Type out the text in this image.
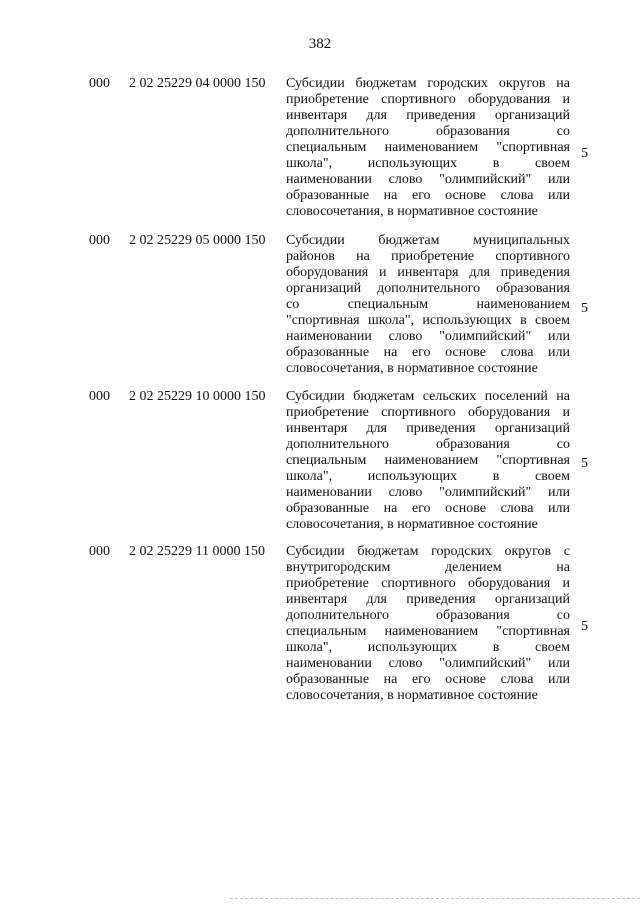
382
000 2 02 25229 04 0000 150 Субсидии бюджетам городских округов на
приобретение спортивного оборудования и
инвентаря для приведения организаций
дополнительного образования со
специальным наименованием "спортивная
школа", использующих в своем
наименовании слово "олимпийский" или
образованные на его основе слова или
словосочетания, в нормативное состояние
5
000 2 02 25229 05 0000 150 Субсидии бюджетам муниципальных
районов на приобретение спортивного
оборудования и инвентаря для приведения
организаций дополнительного образования
со специальным наименованием
"спортивная школа", использующих в своем
наименовании слово "олимпийский" или
образованные на его основе слова или
словосочетания, в нормативное состояние
5
000 2 02 25229 10 0000 150 Субсидии бюджетам сельских поселений на
приобретение спортивного оборудования и
инвентаря для приведения организаций
дополнительного образования со
специальным наименованием "спортивная
школа", использующих в своем
наименовании слово "олимпийский" или
образованные на его основе слова или
словосочетания, в нормативное состояние
5
000 2 02 25229 11 0000 150 Субсидии бюджетам городских округов с
внутригородским делением на
приобретение спортивного оборудования и
инвентаря для приведения организаций
дополнительного образования со
специальным наименованием "спортивная
школа", использующих в своем
наименовании слово "олимпийский" или
образованные на его основе слова или
словосочетания, в нормативное состояние
5
